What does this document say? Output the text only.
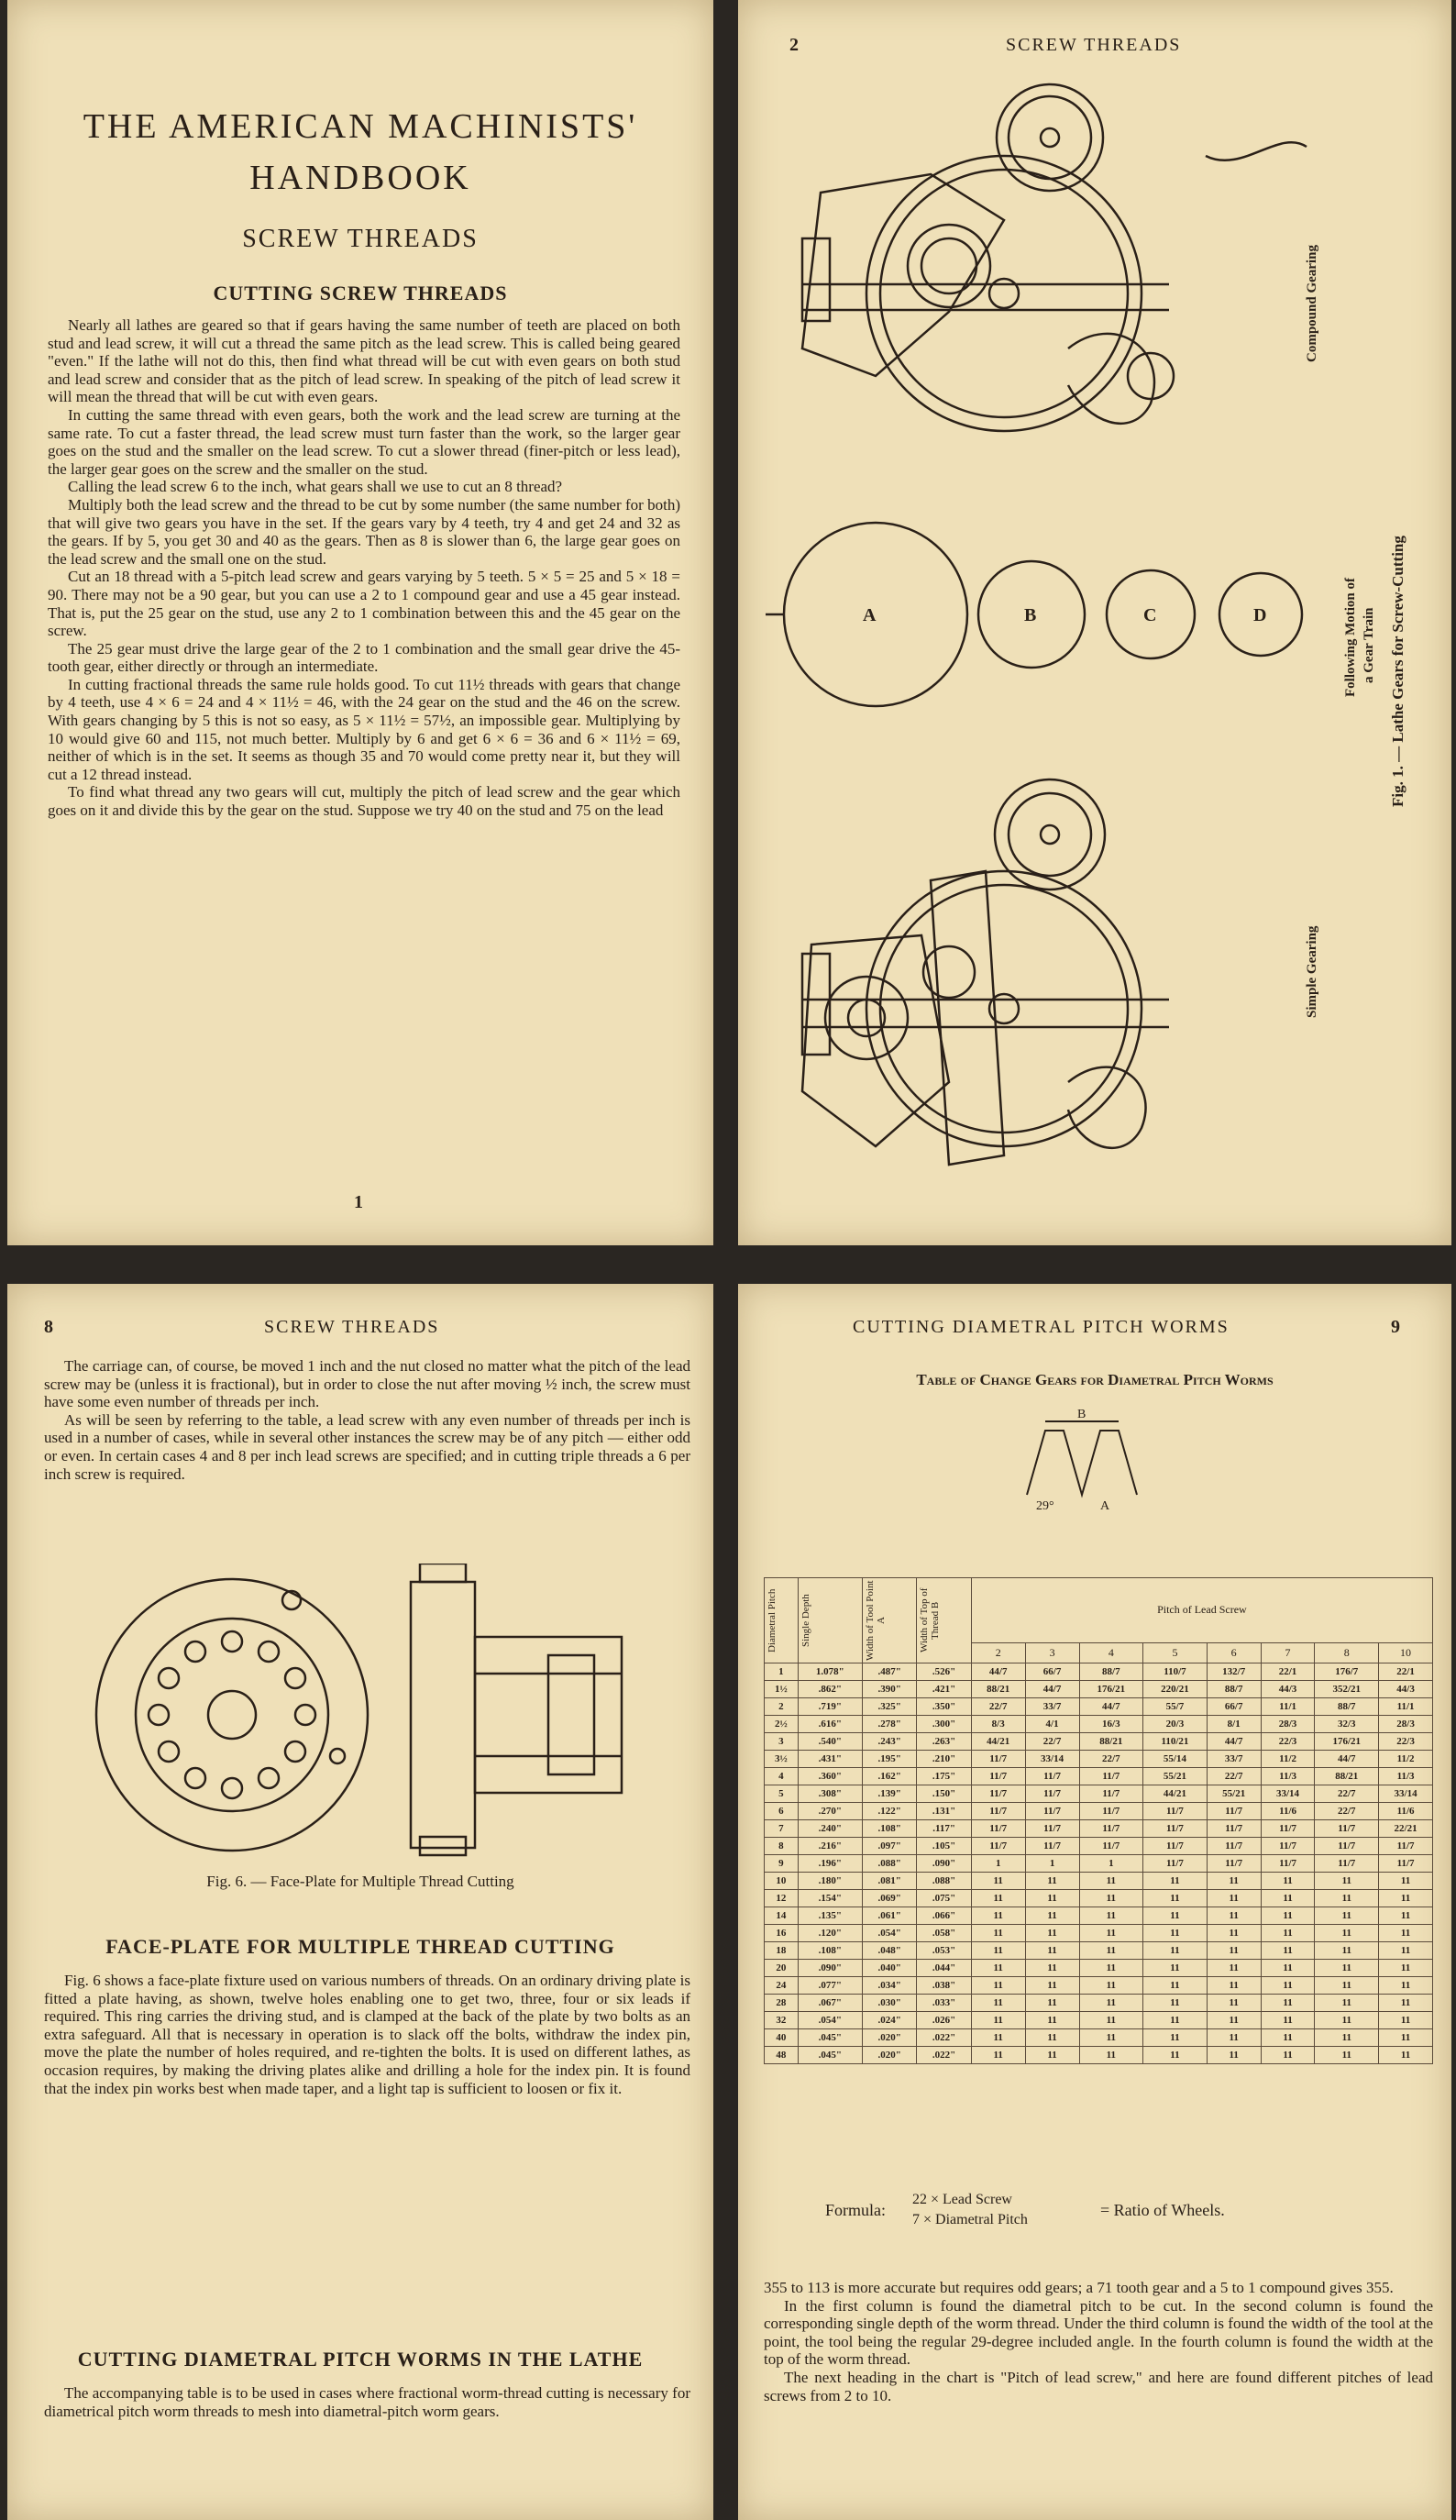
THE AMERICAN MACHINISTS'
HANDBOOK
SCREW THREADS
CUTTING SCREW THREADS

Nearly all lathes are geared so that if gears having the same number of teeth are placed on both stud and lead screw, it will cut a thread the same pitch as the lead screw. This is called being geared "even." If the lathe will not do this, then find what thread will be cut with even gears on both stud and lead screw and consider that as the pitch of lead screw. In speaking of the pitch of lead screw it will mean the thread that will be cut with even gears.

In cutting the same thread with even gears, both the work and the lead screw are turning at the same rate. To cut a faster thread, the lead screw must turn faster than the work, so the larger gear goes on the stud and the smaller on the lead screw. To cut a slower thread (finer-pitch or less lead), the larger gear goes on the screw and the smaller on the stud.

Calling the lead screw 6 to the inch, what gears shall we use to cut an 8 thread?

Multiply both the lead screw and the thread to be cut by some number (the same number for both) that will give two gears you have in the set. If the gears vary by 4 teeth, try 4 and get 24 and 32 as the gears. If by 5, you get 30 and 40 as the gears. Then as 8 is slower than 6, the large gear goes on the lead screw and the small one on the stud.

Cut an 18 thread with a 5-pitch lead screw and gears varying by 5 teeth. 5 × 5 = 25 and 5 × 18 = 90. There may not be a 90 gear, but you can use a 2 to 1 compound gear and use a 45 gear instead. That is, put the 25 gear on the stud, use any 2 to 1 combination between this and the 45 gear on the screw.

The 25 gear must drive the large gear of the 2 to 1 combination and the small gear drive the 45-tooth gear, either directly or through an intermediate.

In cutting fractional threads the same rule holds good. To cut 11½ threads with gears that change by 4 teeth, use 4 × 6 = 24 and 4 × 11½ = 46, with the 24 gear on the stud and the 46 on the screw. With gears changing by 5 this is not so easy, as 5 × 11½ = 57½, an impossible gear. Multiplying by 10 would give 60 and 115, not much better. Multiply by 6 and get 6 × 6 = 36 and 6 × 11½ = 69, neither of which is in the set. It seems as though 35 and 70 would come pretty near it, but they will cut a 12 thread instead.

To find what thread any two gears will cut, multiply the pitch of lead screw and the gear which goes on it and divide this by the gear on the stud. Suppose we try 40 on the stud and 75 on the lead

1
2	SCREW THREADS
A	B	C	D
Compound Gearing
Simple Gearing
Following Motion of a Gear Train Fig. 1. — Lathe Gears for Screw-Cutting
8	SCREW THREADS

The carriage can, of course, be moved 1 inch and the nut closed no matter what the pitch of the lead screw may be (unless it is fractional), but in order to close the nut after moving ½ inch, the screw must have some even number of threads per inch.

As will be seen by referring to the table, a lead screw with any even number of threads per inch is used in a number of cases, while in several other instances the screw may be of any pitch — either odd or even. In certain cases 4 and 8 per inch lead screws are specified; and in cutting triple threads a 6 per inch screw is required.

Fig. 6. — Face-Plate for Multiple Thread Cutting
FACE-PLATE FOR MULTIPLE THREAD CUTTING

Fig. 6 shows a face-plate fixture used on various numbers of threads. On an ordinary driving plate is fitted a plate having, as shown, twelve holes enabling one to get two, three, four or six leads if required. This ring carries the driving stud, and is clamped at the back of the plate by two bolts as an extra safeguard. All that is necessary in operation is to slack off the bolts, withdraw the index pin, move the plate the number of holes required, and re-tighten the bolts. It is used on different lathes, as occasion requires, by making the driving plates alike and drilling a hole for the index pin. It is found that the index pin works best when made taper, and a light tap is sufficient to loosen or fix it.

CUTTING DIAMETRAL PITCH WORMS IN THE LATHE

The accompanying table is to be used in cases where fractional worm-thread cutting is necessary for diametrical pitch worm threads to mesh into diametral-pitch worm gears.

CUTTING DIAMETRAL PITCH WORMS	9
Table of Change Gears for Diametral Pitch Worms
B
29°	A
Diametral Pitch	Single Depth	Width of Tool Point A	Width of Top of Thread B	Pitch of Lead Screw							
				2	3	4	5	6	7	8	10
1	1.078"	.487"	.526"	44/7	66/7	88/7	110/7	132/7	22/1	176/7	22/1
1½	.862"	.390"	.421"	88/21	44/7	176/21	220/21	88/7	44/3	352/21	44/3
2	.719"	.325"	.350"	22/7	33/7	44/7	55/7	66/7	11/1	88/7	11/1
2½	.616"	.278"	.300"	8/3	4/1	16/3	20/3	8/1	28/3	32/3	28/3
3	.540"	.243"	.263"	44/21	22/7	88/21	110/21	44/7	22/3	176/21	22/3
3½	.431"	.195"	.210"	11/7	33/14	22/7	55/14	33/7	11/2	44/7	11/2
4	.360"	.162"	.175"	11/7	11/7	11/7	55/21	22/7	11/3	88/21	11/3
5	.308"	.139"	.150"	11/7	11/7	11/7	44/21	55/21	33/14	22/7	33/14
6	.270"	.122"	.131"	11/7	11/7	11/7	11/7	11/7	11/6	22/7	11/6
7	.240"	.108"	.117"	11/7	11/7	11/7	11/7	11/7	11/7	11/7	22/21
8	.216"	.097"	.105"	11/7	11/7	11/7	11/7	11/7	11/7	11/7	11/7
9	.196"	.088"	.090"	1	1	1	11/7	11/7	11/7	11/7	11/7
10	.180"	.081"	.088"	11	11	11	11	11	11	11	11
12	.154"	.069"	.075"	11	11	11	11	11	11	11	11
14	.135"	.061"	.066"	11	11	11	11	11	11	11	11
16	.120"	.054"	.058"	11	11	11	11	11	11	11	11
18	.108"	.048"	.053"	11	11	11	11	11	11	11	11
20	.090"	.040"	.044"	11	11	11	11	11	11	11	11
24	.077"	.034"	.038"	11	11	11	11	11	11	11	11
28	.067"	.030"	.033"	11	11	11	11	11	11	11	11
32	.054"	.024"	.026"	11	11	11	11	11	11	11	11
40	.045"	.020"	.022"	11	11	11	11	11	11	11	11
48	.045"	.020"	.022"	11	11	11	11	11	11	11	11
Formula:
22 × Lead Screw
7 × Diametral Pitch
= Ratio of Wheels.

355 to 113 is more accurate but requires odd gears; a 71 tooth gear and a 5 to 1 compound gives 355.

In the first column is found the diametral pitch to be cut. In the second column is found the corresponding single depth of the worm thread. Under the third column is found the width of the tool at the point, the tool being the regular 29-degree included angle. In the fourth column is found the width at the top of the worm thread.

The next heading in the chart is "Pitch of lead screw," and here are found different pitches of lead screws from 2 to 10.
